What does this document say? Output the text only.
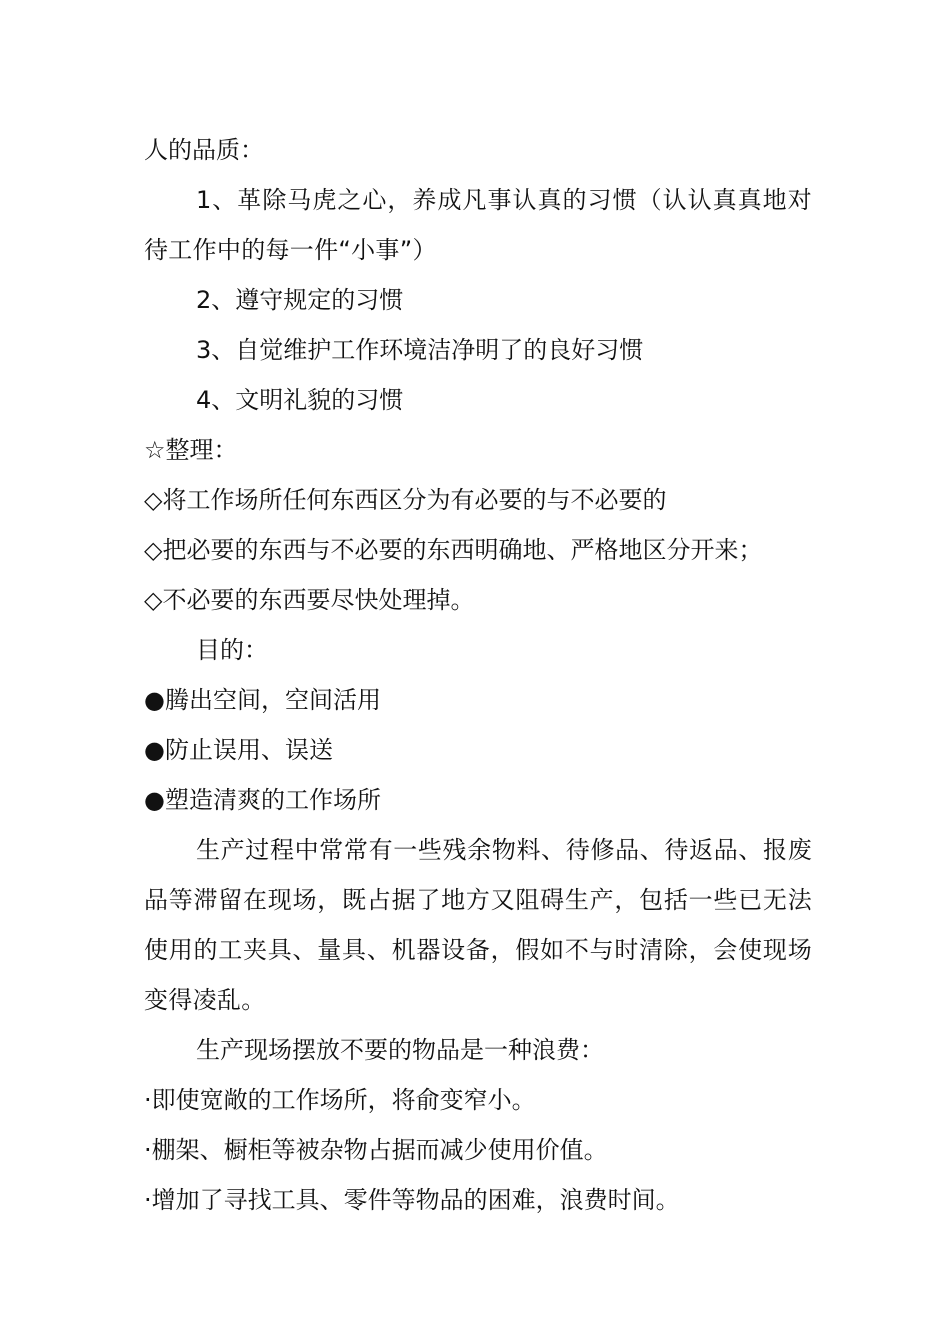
人的品质：

1、革除马虎之心，养成凡事认真的习惯（认认真真地对待工作中的每一件“小事”）

2、遵守规定的习惯

3、自觉维护工作环境洁净明了的良好习惯

4、文明礼貌的习惯

☆整理：

◇将工作场所任何东西区分为有必要的与不必要的

◇把必要的东西与不必要的东西明确地、严格地区分开来；

◇不必要的东西要尽快处理掉。

目的：

●腾出空间，空间活用

●防止误用、误送

●塑造清爽的工作场所

生产过程中常常有一些残余物料、待修品、待返品、报废品等滞留在现场，既占据了地方又阻碍生产，包括一些已无法使用的工夹具、量具、机器设备，假如不与时清除，会使现场变得凌乱。

生产现场摆放不要的物品是一种浪费：

·即使宽敞的工作场所，将俞变窄小。

·棚架、橱柜等被杂物占据而减少使用价值。

·增加了寻找工具、零件等物品的困难，浪费时间。
